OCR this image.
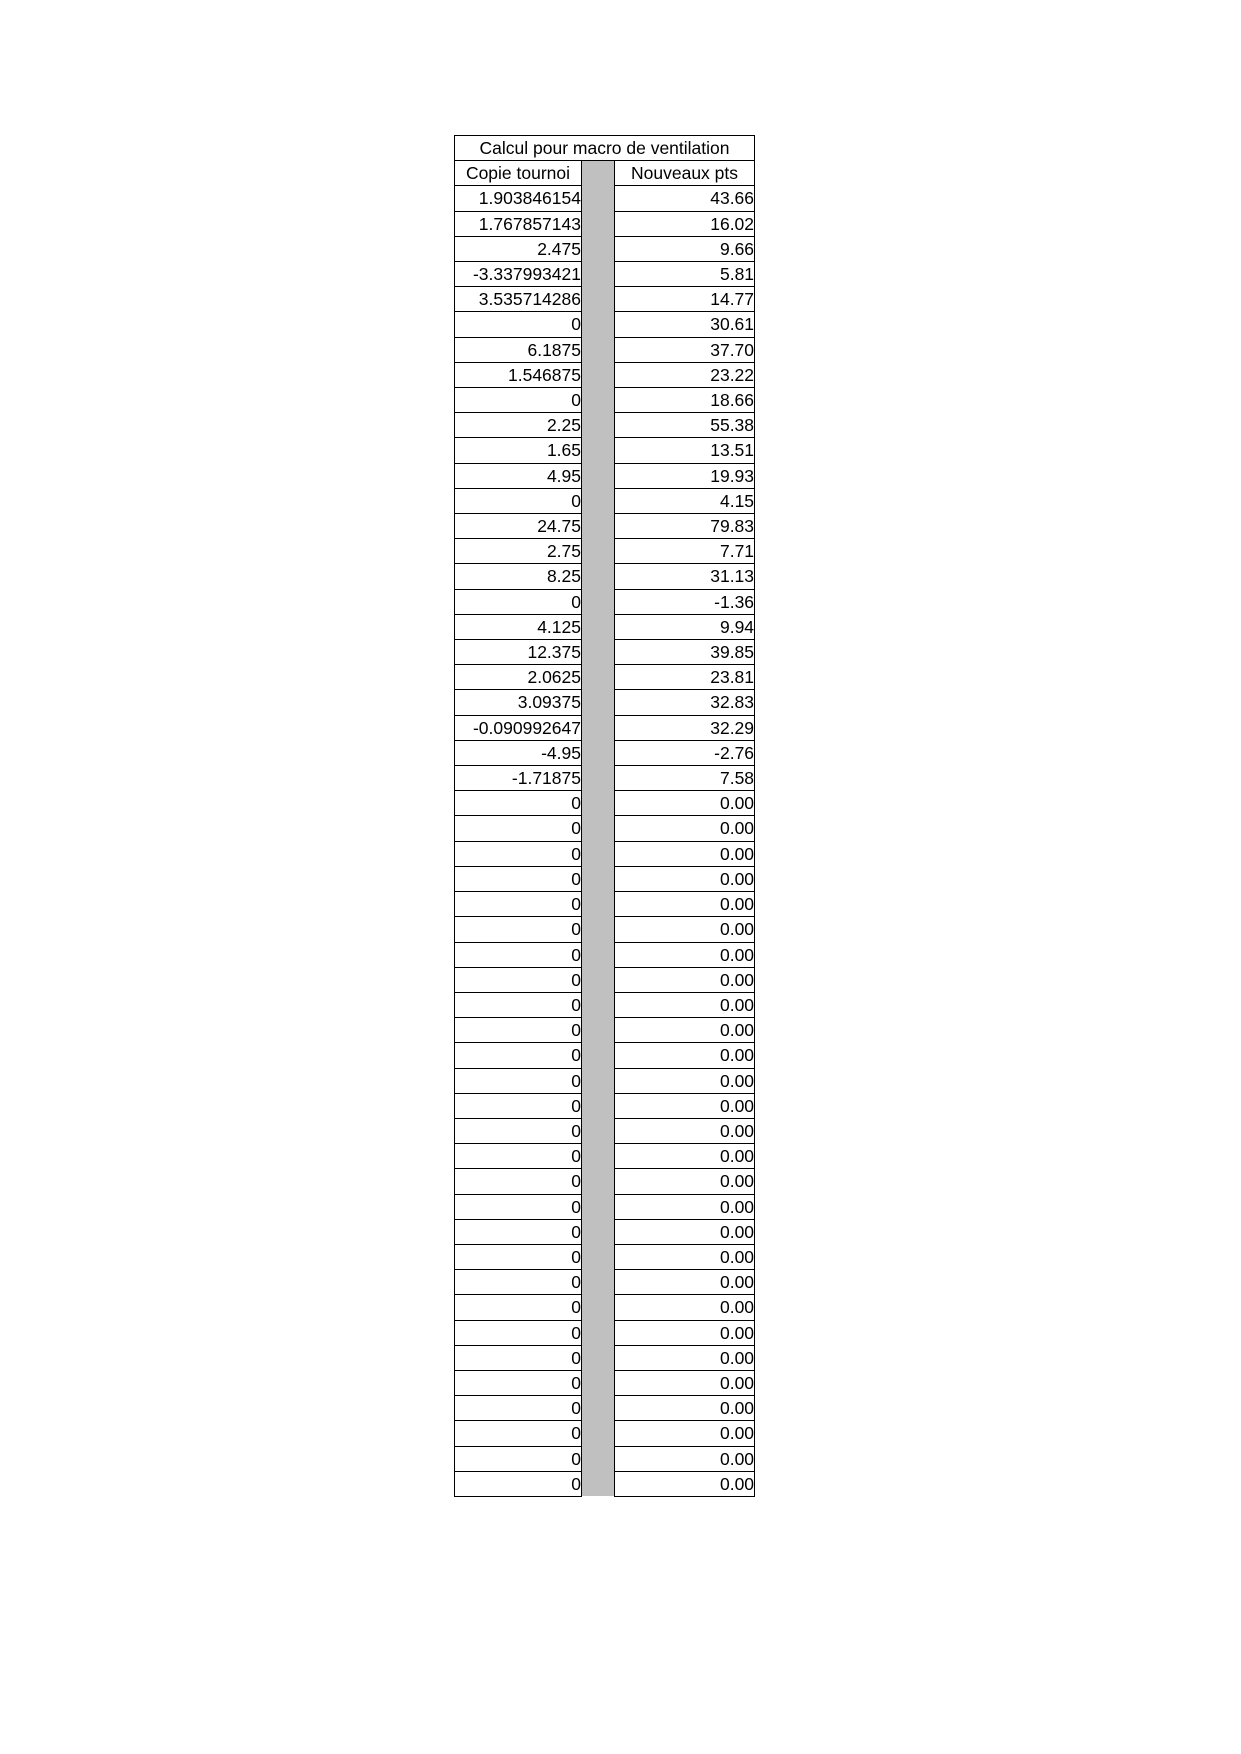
Calcul pour macro de ventilation		
Copie tournoi		Nouveaux pts
1.903846154		43.66
1.767857143		16.02
2.475		9.66
-3.337993421		5.81
3.535714286		14.77
0		30.61
6.1875		37.70
1.546875		23.22
0		18.66
2.25		55.38
1.65		13.51
4.95		19.93
0		4.15
24.75		79.83
2.75		7.71
8.25		31.13
0		-1.36
4.125		9.94
12.375		39.85
2.0625		23.81
3.09375		32.83
-0.090992647		32.29
-4.95		-2.76
-1.71875		7.58
0		0.00
0		0.00
0		0.00
0		0.00
0		0.00
0		0.00
0		0.00
0		0.00
0		0.00
0		0.00
0		0.00
0		0.00
0		0.00
0		0.00
0		0.00
0		0.00
0		0.00
0		0.00
0		0.00
0		0.00
0		0.00
0		0.00
0		0.00
0		0.00
0		0.00
0		0.00
0		0.00
0		0.00
